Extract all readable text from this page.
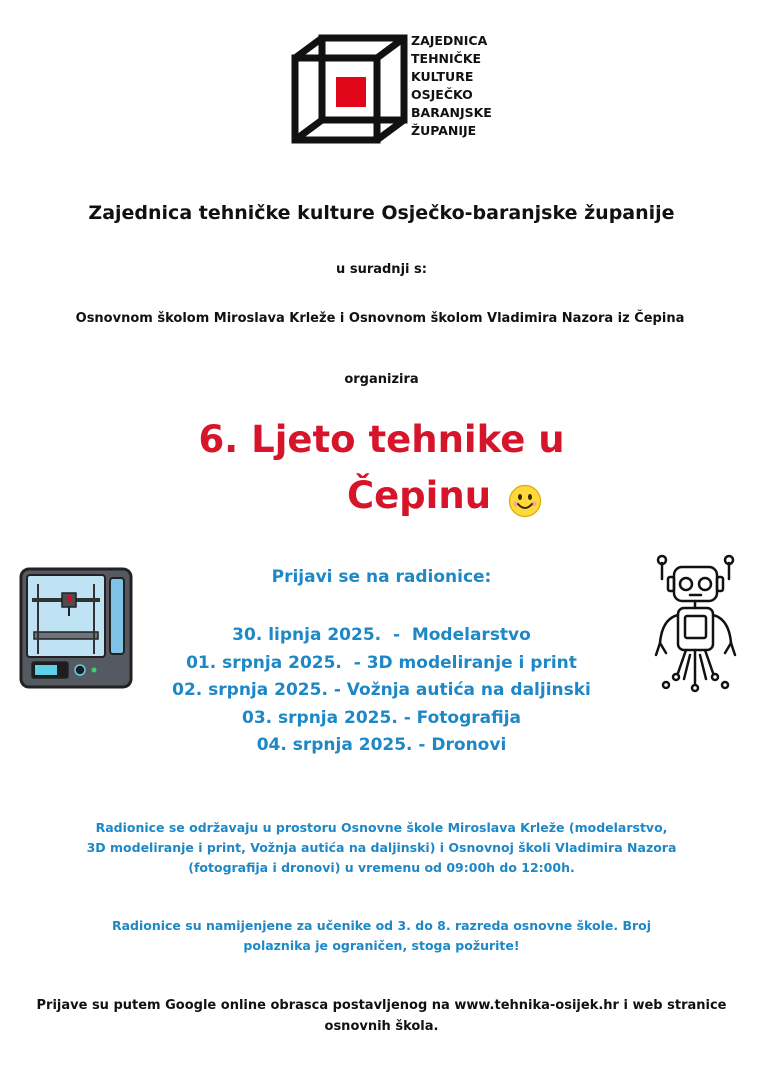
ZAJEDNICA
TEHNIČKE
KULTURE
OSJEČKO
BARANJSKE
ŽUPANIJE
Zajednica tehničke kulture Osječko-baranjske županije
u suradnji s:
Osnovnom školom Miroslava Krleže i Osnovnom školom Vladimira Nazora iz Čepina
organizira
6. Ljeto tehnike u
Čepinu
Prijavi se na radionice:
30. lipnja 2025.  -  Modelarstvo
01. srpnja 2025.  - 3D modeliranje i print
02. srpnja 2025. - Vožnja autića na daljinski
03. srpnja 2025. - Fotografija
04. srpnja 2025. - Dronovi
Radionice se održavaju u prostoru Osnovne škole Miroslava Krleže (modelarstvo, 3D modeliranje i print, Vožnja autića na daljinski) i Osnovnoj školi Vladimira Nazora (fotografija i dronovi) u vremenu od 09:00h do 12:00h.
Radionice su namijenjene za učenike od 3. do 8. razreda osnovne škole. Broj polaznika je ograničen, stoga požurite!
Prijave su putem Google online obrasca postavljenog na www.tehnika-osijek.hr i web stranice osnovnih škola.
